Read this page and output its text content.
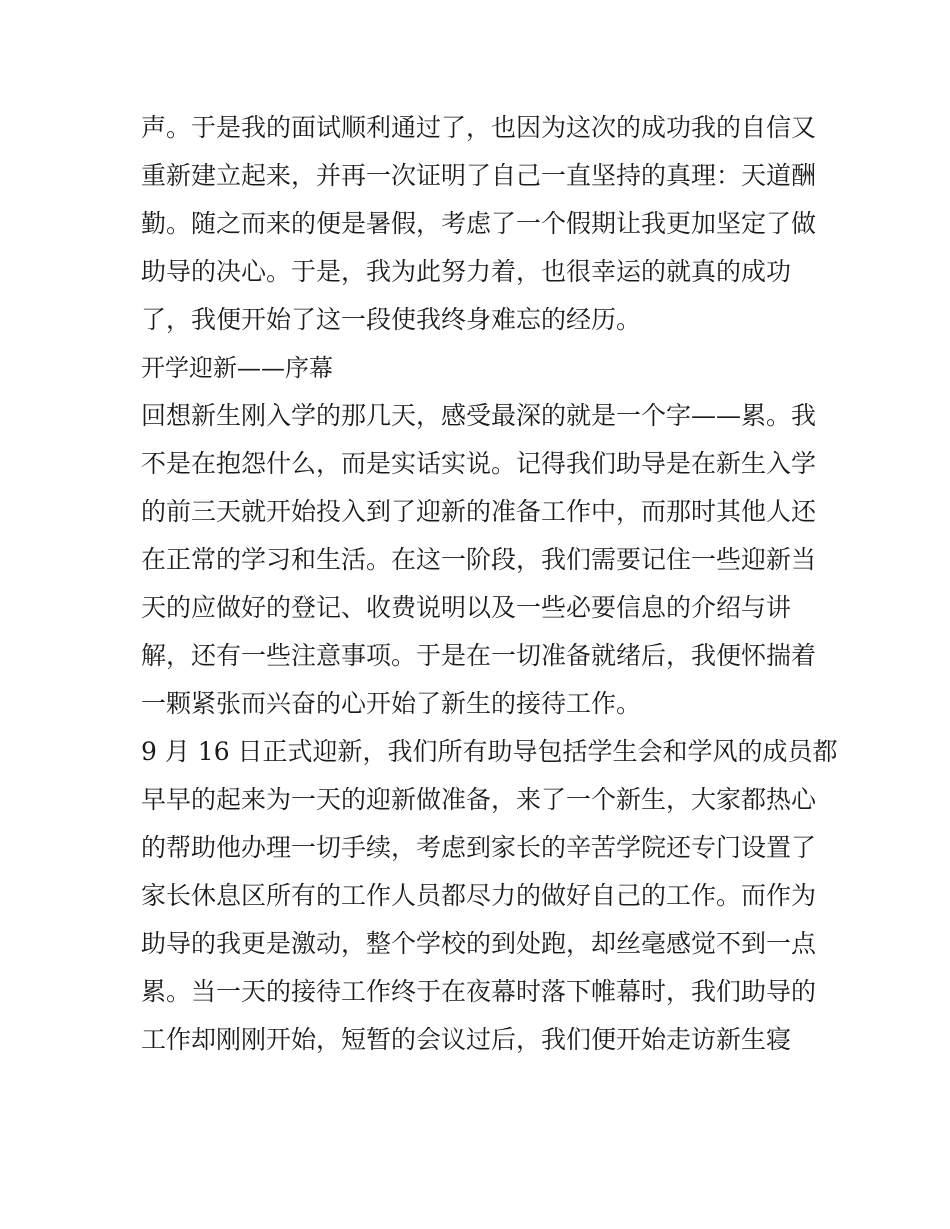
声。于是我的面试顺利通过了，也因为这次的成功我的自信又
重新建立起来，并再一次证明了自己一直坚持的真理：天道酬
勤。随之而来的便是暑假，考虑了一个假期让我更加坚定了做
助导的决心。于是，我为此努力着，也很幸运的就真的成功
了，我便开始了这一段使我终身难忘的经历。
开学迎新——序幕
回想新生刚入学的那几天，感受最深的就是一个字——累。我
不是在抱怨什么，而是实话实说。记得我们助导是在新生入学
的前三天就开始投入到了迎新的准备工作中，而那时其他人还
在正常的学习和生活。在这一阶段，我们需要记住一些迎新当
天的应做好的登记、收费说明以及一些必要信息的介绍与讲
解，还有一些注意事项。于是在一切准备就绪后，我便怀揣着
一颗紧张而兴奋的心开始了新生的接待工作。
9 月 16 日正式迎新，我们所有助导包括学生会和学风的成员都
早早的起来为一天的迎新做准备，来了一个新生，大家都热心
的帮助他办理一切手续，考虑到家长的辛苦学院还专门设置了
家长休息区所有的工作人员都尽力的做好自己的工作。而作为
助导的我更是激动，整个学校的到处跑，却丝毫感觉不到一点
累。当一天的接待工作终于在夜幕时落下帷幕时，我们助导的
工作却刚刚开始，短暂的会议过后，我们便开始走访新生寝
